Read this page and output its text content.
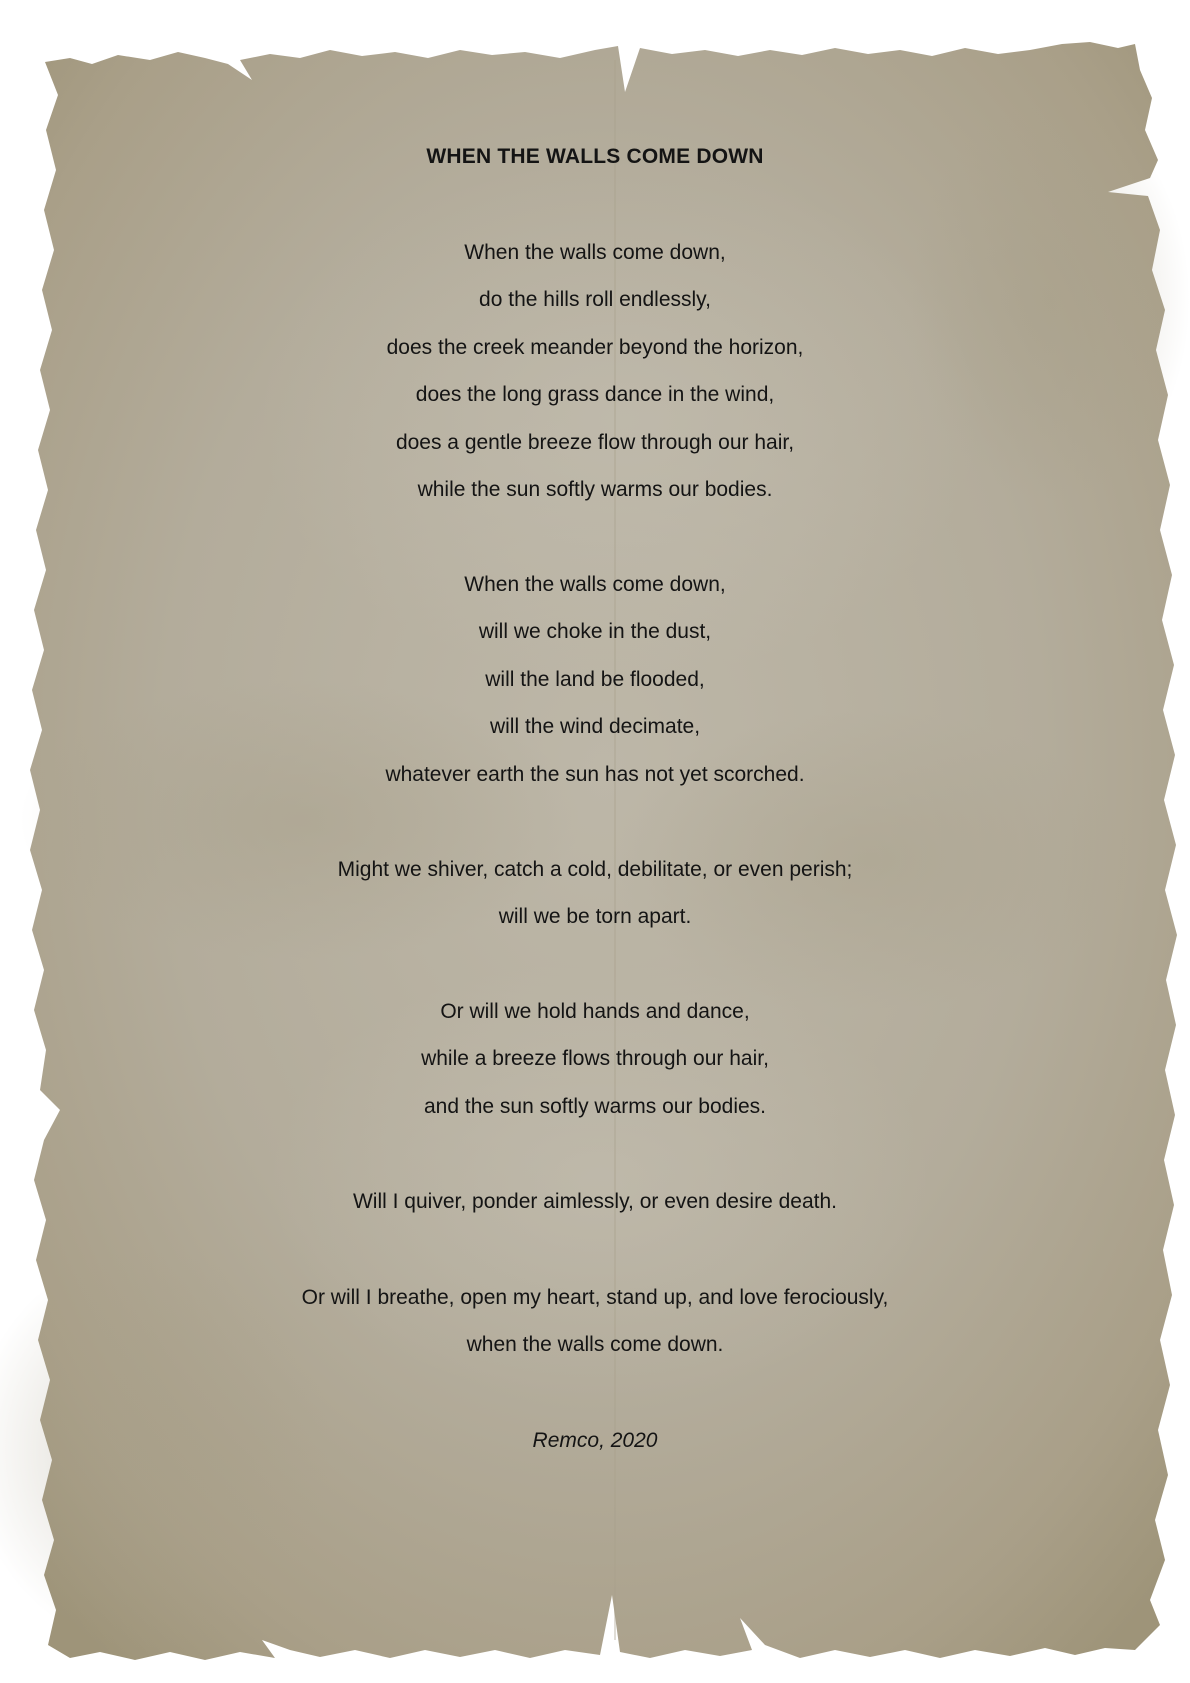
WHEN THE WALLS COME DOWN
When the walls come down,
do the hills roll endlessly,
does the creek meander beyond the horizon,
does the long grass dance in the wind,
does a gentle breeze flow through our hair,
while the sun softly warms our bodies.
When the walls come down,
will we choke in the dust,
will the land be flooded,
will the wind decimate,
whatever earth the sun has not yet scorched.
Might we shiver, catch a cold, debilitate, or even perish;
will we be torn apart.
Or will we hold hands and dance,
while a breeze flows through our hair,
and the sun softly warms our bodies.
Will I quiver, ponder aimlessly, or even desire death.
Or will I breathe, open my heart, stand up, and love ferociously,
when the walls come down.
Remco, 2020
